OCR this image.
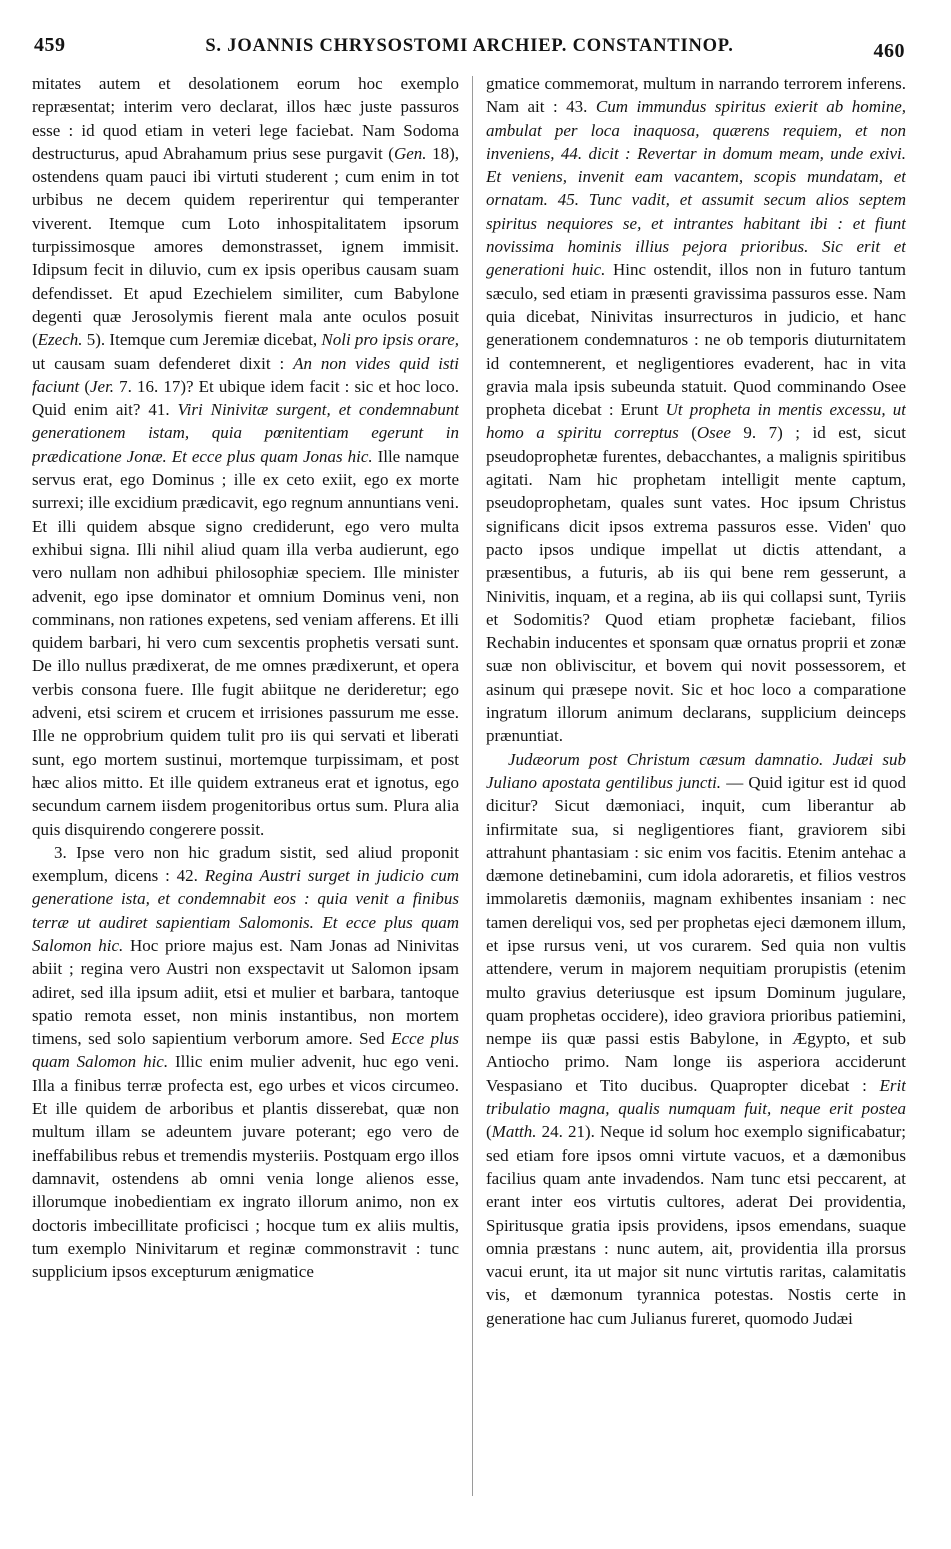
459	S. JOANNIS CHRYSOSTOMI ARCHIEP. CONSTANTINOP.	460

mitates autem et desolationem eorum hoc exemplo repræsentat; interim vero declarat, illos hæc juste passuros esse : id quod etiam in veteri lege faciebat. Nam Sodoma destructurus, apud Abrahamum prius sese purgavit (Gen. 18), ostendens quam pauci ibi virtuti studerent ; cum enim in tot urbibus ne decem quidem reperirentur qui temperanter viverent. Itemque cum Loto inhospitalitatem ipsorum turpissimosque amores demonstrasset, ignem immisit. Idipsum fecit in diluvio, cum ex ipsis operibus causam suam defendisset. Et apud Ezechielem similiter, cum Babylone degenti quæ Jerosolymis fierent mala ante oculos posuit (Ezech. 5). Itemque cum Jeremiæ dicebat, Noli pro ipsis orare, ut causam suam defenderet dixit : An non vides quid isti faciunt (Jer. 7. 16. 17)? Et ubique idem facit : sic et hoc loco. Quid enim ait? 41. Viri Ninivitæ surgent, et condemnabunt generationem istam, quia pœnitentiam egerunt in prædicatione Jonæ. Et ecce plus quam Jonas hic. Ille namque servus erat, ego Dominus ; ille ex ceto exiit, ego ex morte surrexi; ille excidium prædicavit, ego regnum annuntians veni. Et illi quidem absque signo crediderunt, ego vero multa exhibui signa. Illi nihil aliud quam illa verba audierunt, ego vero nullam non adhibui philosophiæ speciem. Ille minister advenit, ego ipse dominator et omnium Dominus veni, non comminans, non rationes expetens, sed veniam afferens. Et illi quidem barbari, hi vero cum sexcentis prophetis versati sunt. De illo nullus prædixerat, de me omnes prædixerunt, et opera verbis consona fuere. Ille fugit abiitque ne derideretur; ego adveni, etsi scirem et crucem et irrisiones passurum me esse. Ille ne opprobrium quidem tulit pro iis qui servati et liberati sunt, ego mortem sustinui, mortemque turpissimam, et post hæc alios mitto. Et ille quidem extraneus erat et ignotus, ego secundum carnem iisdem progenitoribus ortus sum. Plura alia quis disquirendo congerere possit.

3. Ipse vero non hic gradum sistit, sed aliud proponit exemplum, dicens : 42. Regina Austri surget in judicio cum generatione ista, et condemnabit eos : quia venit a finibus terræ ut audiret sapientiam Salomonis. Et ecce plus quam Salomon hic. Hoc priore majus est. Nam Jonas ad Ninivitas abiit ; regina vero Austri non exspectavit ut Salomon ipsam adiret, sed illa ipsum adiit, etsi et mulier et barbara, tantoque spatio remota esset, non minis instantibus, non mortem timens, sed solo sapientium verborum amore. Sed Ecce plus quam Salomon hic. Illic enim mulier advenit, huc ego veni. Illa a finibus terræ profecta est, ego urbes et vicos circumeo. Et ille quidem de arboribus et plantis disserebat, quæ non multum illam se adeuntem juvare poterant; ego vero de ineffabilibus rebus et tremendis mysteriis. Postquam ergo illos damnavit, ostendens ab omni venia longe alienos esse, illorumque inobedientiam ex ingrato illorum animo, non ex doctoris imbecillitate proficisci ; hocque tum ex aliis multis, tum exemplo Ninivitarum et reginæ commonstravit : tunc supplicium ipsos excepturum ænigmatice

gmatice commemorat, multum in narrando terrorem inferens. Nam ait : 43. Cum immundus spiritus exierit ab homine, ambulat per loca inaquosa, quærens requiem, et non inveniens, 44. dicit : Revertar in domum meam, unde exivi. Et veniens, invenit eam vacantem, scopis mundatam, et ornatam. 45. Tunc vadit, et assumit secum alios septem spiritus nequiores se, et intrantes habitant ibi : et fiunt novissima hominis illius pejora prioribus. Sic erit et generationi huic. Hinc ostendit, illos non in futuro tantum sæculo, sed etiam in præsenti gravissima passuros esse. Nam quia dicebat, Ninivitas insurrecturos in judicio, et hanc generationem condemnaturos : ne ob temporis diuturnitatem id contemnerent, et negligentiores evaderent, hac in vita gravia mala ipsis subeunda statuit. Quod comminando Osee propheta dicebat : Erunt Ut propheta in mentis excessu, ut homo a spiritu correptus (Osee 9. 7) ; id est, sicut pseudoprophetæ furentes, debacchantes, a malignis spiritibus agitati. Nam hic prophetam intelligit mente captum, pseudoprophetam, quales sunt vates. Hoc ipsum Christus significans dicit ipsos extrema passuros esse. Viden' quo pacto ipsos undique impellat ut dictis attendant, a præsentibus, a futuris, ab iis qui bene rem gesserunt, a Ninivitis, inquam, et a regina, ab iis qui collapsi sunt, Tyriis et Sodomitis? Quod etiam prophetæ faciebant, filios Rechabin inducentes et sponsam quæ ornatus proprii et zonæ suæ non obliviscitur, et bovem qui novit possessorem, et asinum qui præsepe novit. Sic et hoc loco a comparatione ingratum illorum animum declarans, supplicium deinceps prænuntiat.

Judæorum post Christum cæsum damnatio. Judæi sub Juliano apostata gentilibus juncti. — Quid igitur est id quod dicitur? Sicut dæmoniaci, inquit, cum liberantur ab infirmitate sua, si negligentiores fiant, graviorem sibi attrahunt phantasiam : sic enim vos facitis. Etenim antehac a dæmone detinebamini, cum idola adoraretis, et filios vestros immolaretis dæmoniis, magnam exhibentes insaniam : nec tamen dereliqui vos, sed per prophetas ejeci dæmonem illum, et ipse rursus veni, ut vos curarem. Sed quia non vultis attendere, verum in majorem nequitiam prorupistis (etenim multo gravius deteriusque est ipsum Dominum jugulare, quam prophetas occidere), ideo graviora prioribus patiemini, nempe iis quæ passi estis Babylone, in Ægypto, et sub Antiocho primo. Nam longe iis asperiora acciderunt Vespasiano et Tito ducibus. Quapropter dicebat : Erit tribulatio magna, qualis numquam fuit, neque erit postea (Matth. 24. 21). Neque id solum hoc exemplo significabatur; sed etiam fore ipsos omni virtute vacuos, et a dæmonibus facilius quam ante invadendos. Nam tunc etsi peccarent, at erant inter eos virtutis cultores, aderat Dei providentia, Spiritusque gratia ipsis providens, ipsos emendans, suaque omnia præstans : nunc autem, ait, providentia illa prorsus vacui erunt, ita ut major sit nunc virtutis raritas, calamitatis vis, et dæmonum tyrannica potestas. Nostis certe in generatione hac cum Julianus fureret, quomodo Judæi
